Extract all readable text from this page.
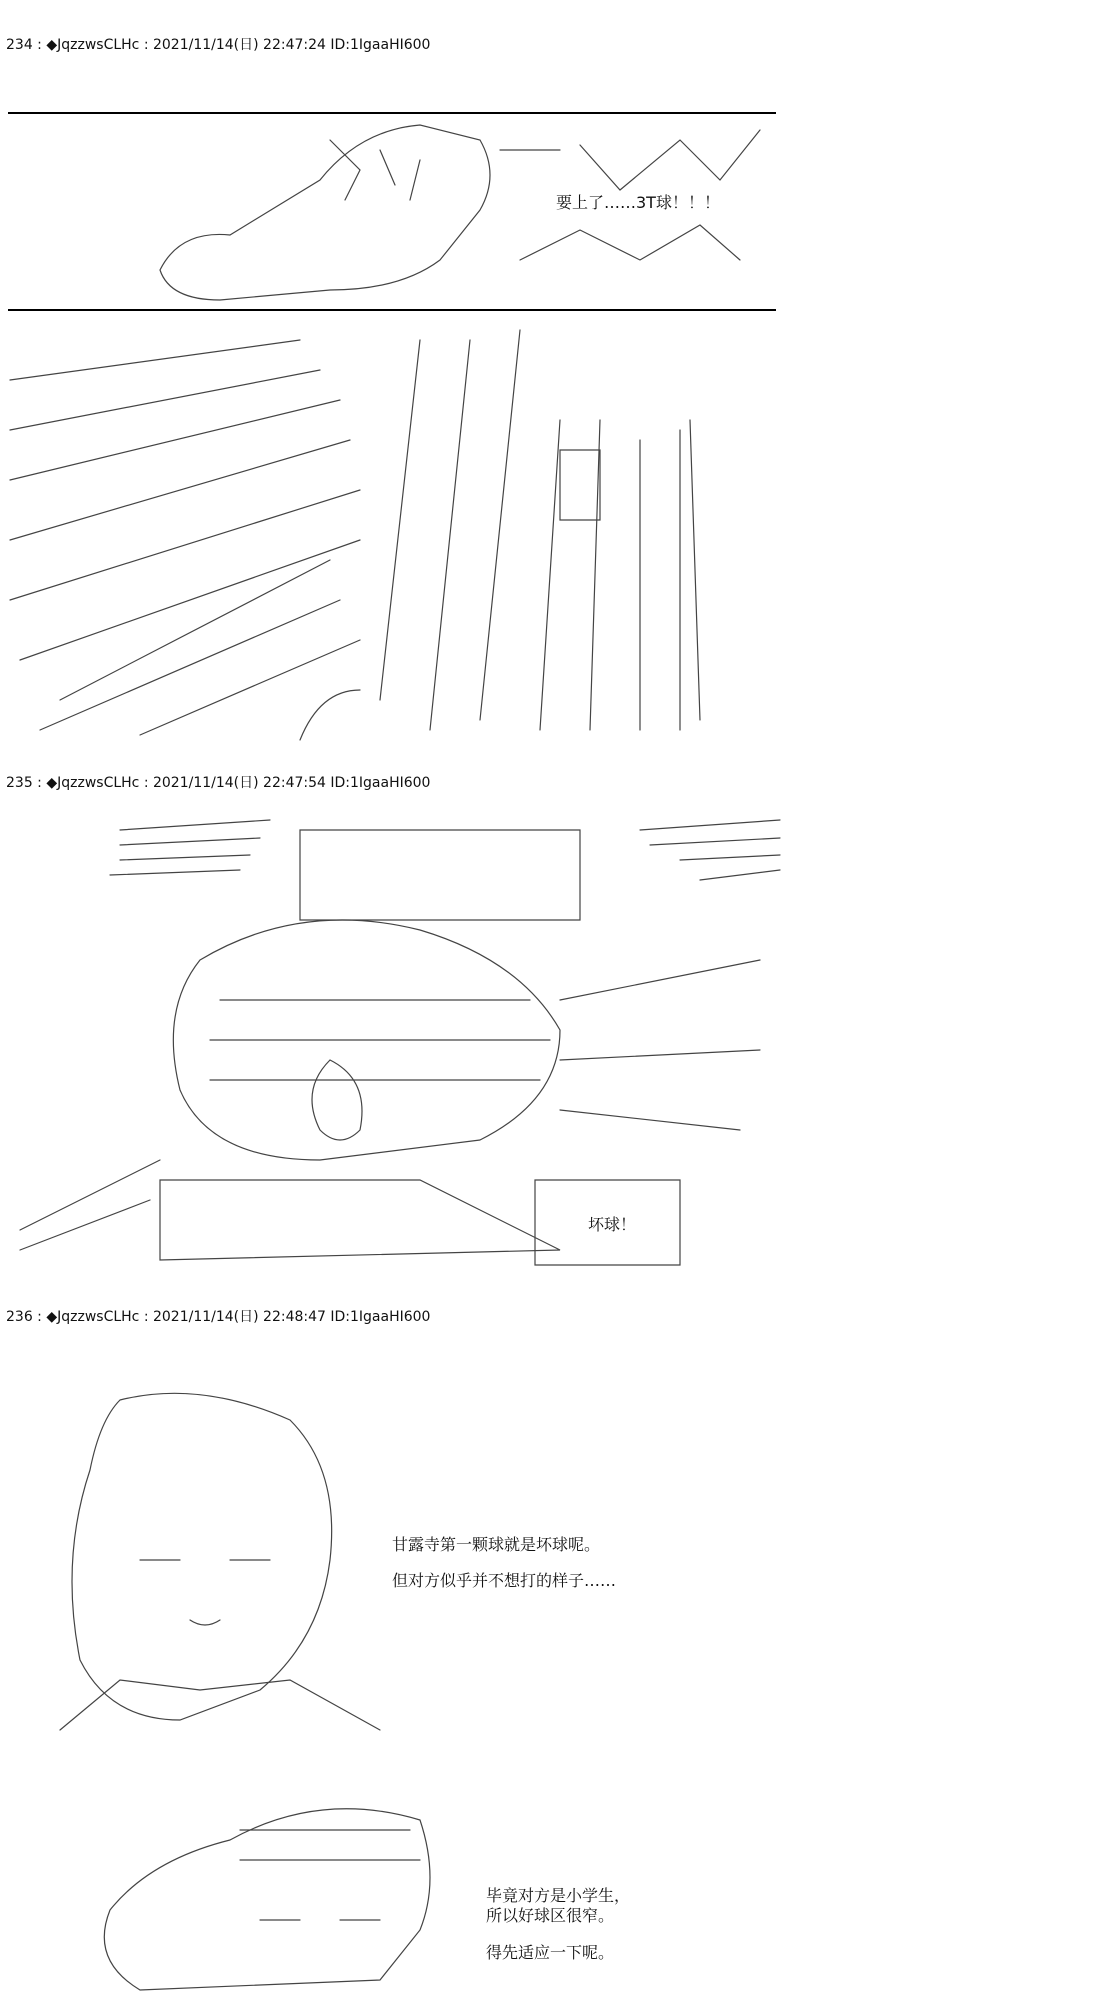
234 : ◆JqzzwsCLHc : 2021/11/14(日) 22:47:24 ID:1IgaaHI600
要上了……3T球！！！
235 : ◆JqzzwsCLHc : 2021/11/14(日) 22:47:54 ID:1IgaaHI600
坏球！
236 : ◆JqzzwsCLHc : 2021/11/14(日) 22:48:47 ID:1IgaaHI600
甘露寺第一颗球就是坏球呢。
但对方似乎并不想打的样子……
毕竟对方是小学生，
所以好球区很窄。
得先适应一下呢。
